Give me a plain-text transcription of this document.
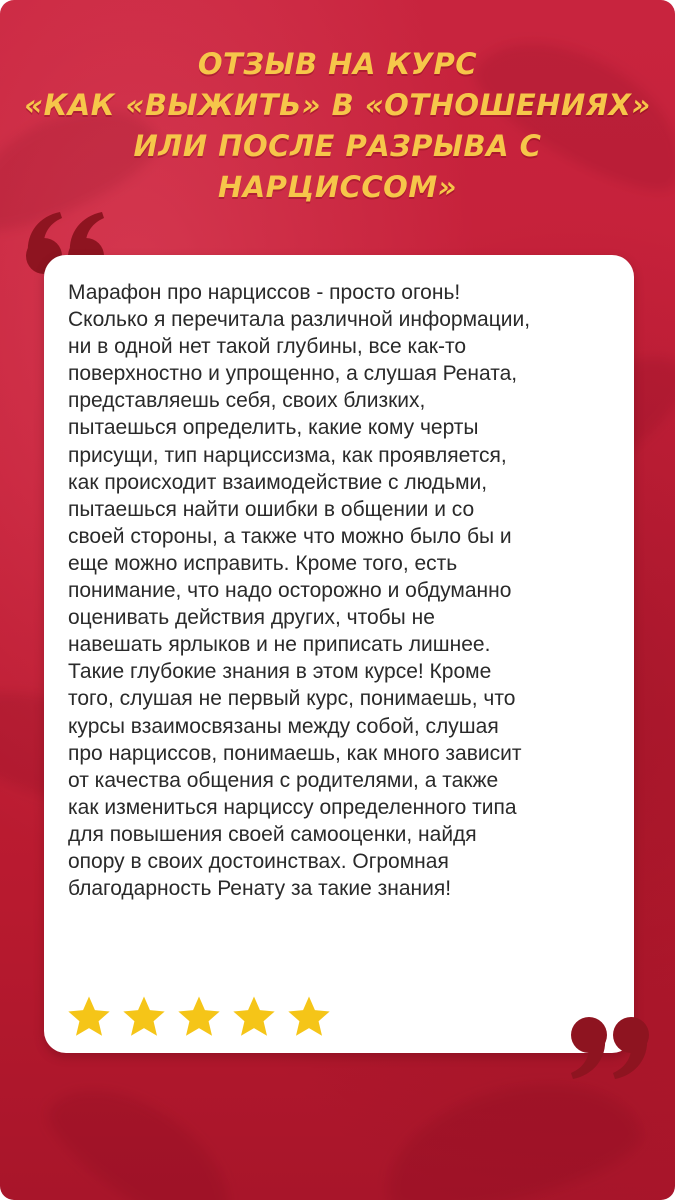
ОТЗЫВ НА КУРС
«КАК «ВЫЖИТЬ» В «ОТНОШЕНИЯХ»
ИЛИ ПОСЛЕ РАЗРЫВА С
НАРЦИССОМ»
Марафон про нарциссов - просто огонь!
Сколько я перечитала различной информации,
ни в одной нет такой глубины, все как-то
поверхностно и упрощенно, а слушая Рената,
представляешь себя, своих близких,
пытаешься определить, какие кому черты
присущи, тип нарциссизма, как проявляется,
как происходит взаимодействие с людьми,
пытаешься найти ошибки в общении и со
своей стороны, а также что можно было бы и
еще можно исправить. Кроме того, есть
понимание, что надо осторожно и обдуманно
оценивать действия других, чтобы не
навешать ярлыков и не приписать лишнее.
Такие глубокие знания в этом курсе! Кроме
того, слушая не первый курс, понимаешь, что
курсы взаимосвязаны между собой, слушая
про нарциссов, понимаешь, как много зависит
от качества общения с родителями, а также
как измениться нарциссу определенного типа
для повышения своей самооценки, найдя
опору в своих достоинствах. Огромная
благодарность Ренату за такие знания!
